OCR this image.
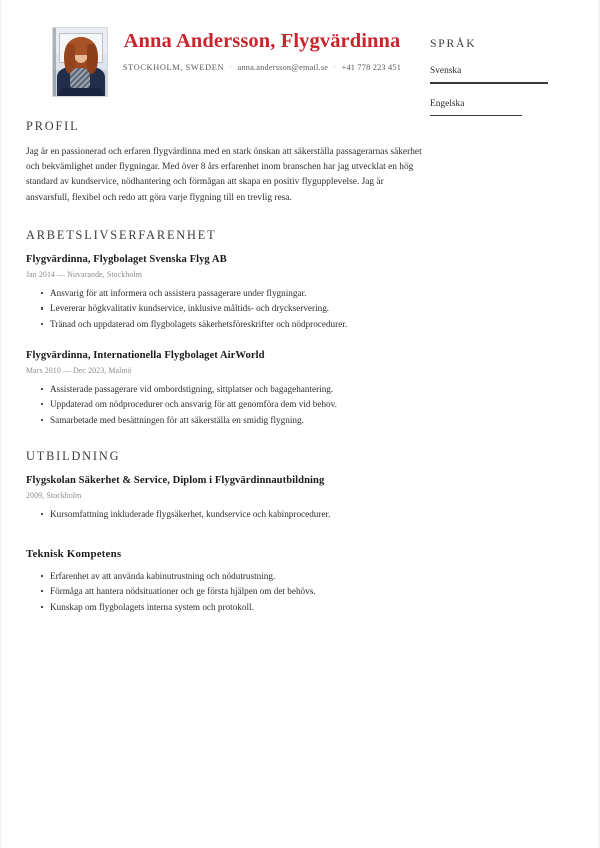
Anna Andersson, Flygvärdinna

STOCKHOLM, SWEDEN · anna.andersson@email.se · +41 778 223 451

PROFIL

Jag är en passionerad och erfaren flygvärdinna med en stark önskan att säkerställa passagerarnas säkerhet och bekvämlighet under flygningar. Med över 8 års erfarenhet inom branschen har jag utvecklat en hög standard av kundservice, nödhantering och förmågan att skapa en positiv flygupplevelse. Jag är ansvarsfull, flexibel och redo att göra varje flygning till en trevlig resa.

ARBETSLIVSERFARENHET
Flygvärdinna, Flygbolaget Svenska Flyg AB

Jan 2014 — Nuvarande, Stockholm

Ansvarig för att informera och assistera passagerare under flygningar.
Levererar högkvalitativ kundservice, inklusive måltids- och dryckservering.
Tränad och uppdaterad om flygbolagets säkerhetsföreskrifter och nödprocedurer.
Flygvärdinna, Internationella Flygbolaget AirWorld

Mars 2010 — Dec 2023, Malmö

Assisterade passagerare vid ombordstigning, sittplatser och bagagehantering.
Uppdaterad om nödprocedurer och ansvarig för att genomföra dem vid behov.
Samarbetade med besättningen för att säkerställa en smidig flygning.
UTBILDNING
Flygskolan Säkerhet & Service, Diplom i Flygvärdinnautbildning

2009, Stockholm

Kursomfattning inkluderade flygsäkerhet, kundservice och kabinprocedurer.
Teknisk Kompetens
Erfarenhet av att använda kabinutrustning och nödutrustning.
Förmåga att hantera nödsituationer och ge första hjälpen om det behövs.
Kunskap om flygbolagets interna system och protokoll.
SPRÅK

Svenska

Engelska
